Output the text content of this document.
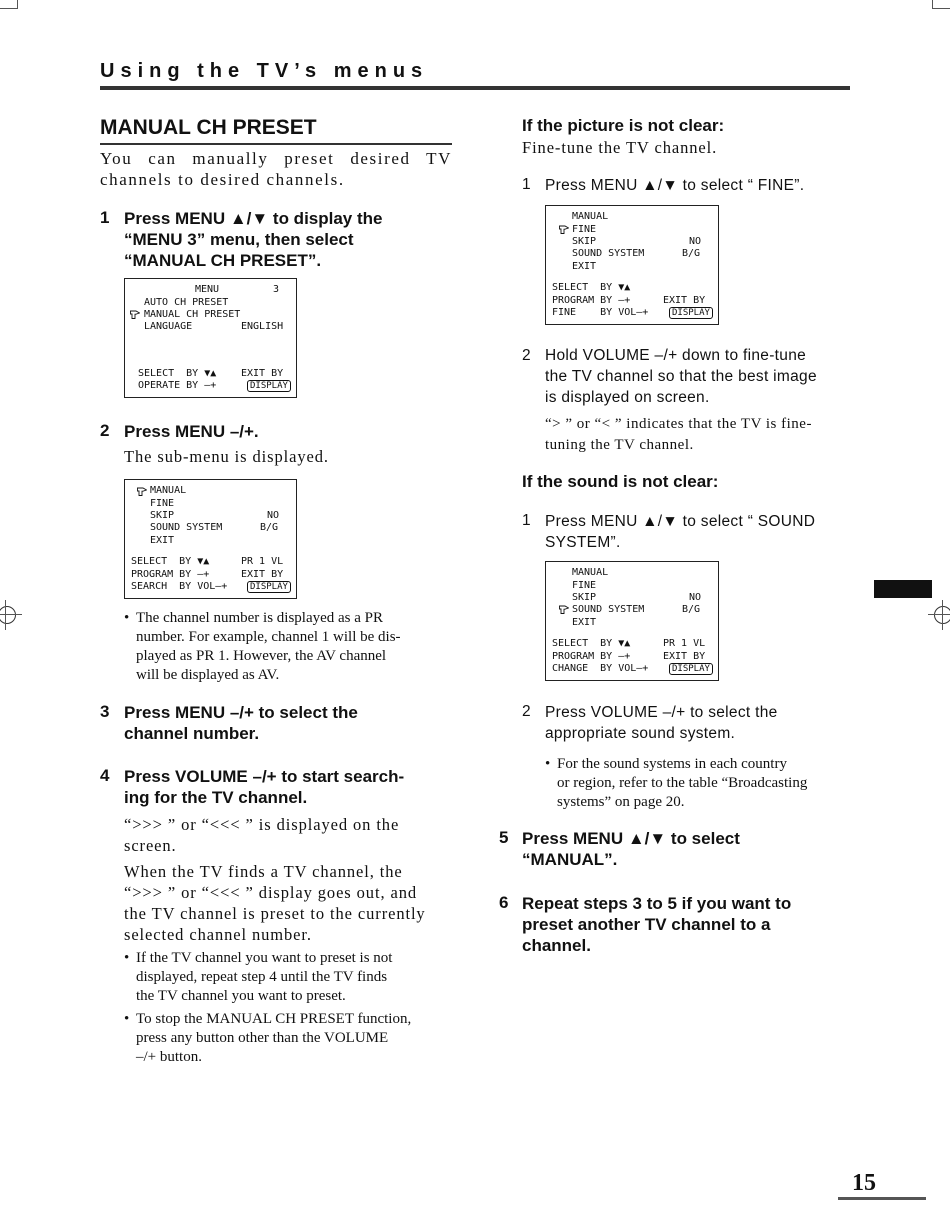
Using the TV’s menus
MANUAL CH PRESET
You can manually preset desired TV channels to desired channels.
1 Press MENU ▲/▼ to display the
“MENU 3” menu, then select
“MANUAL CH PRESET”.
MENU	3
AUTO CH PRESET
MANUAL CH PRESET
LANGUAGE	ENGLISH
SELECT  BY ▼▲ EXIT BY
OPERATE BY –+	DISPLAY
2 Press MENU –/+.
The sub-menu is displayed.
MANUAL
FINE
SKIP	NO
SOUND SYSTEM	B/G
EXIT
SELECT  BY ▼▲	PR 1 VL
PROGRAM BY –+	EXIT BY
SEARCH  BY VOL–+	DISPLAY
• The channel number is displayed as a PR
number. For example, channel 1 will be dis-
played as PR 1. However, the AV channel
will be displayed as AV.
3 Press MENU –/+ to select the
channel number.
4 Press VOLUME –/+ to start search-
ing for the TV channel.
“>>> ” or “<<< ” is displayed on the
screen.
When the TV finds a TV channel, the
“>>> ” or “<<< ” display goes out, and
the TV channel is preset to the currently
selected channel number.
• If the TV channel you want to preset is not
displayed, repeat step 4 until the TV finds
the TV channel you want to preset.
• To stop the MANUAL CH PRESET function,
press any button other than the VOLUME
–/+ button.
If the picture is not clear:
Fine-tune the TV channel.
1 Press MENU ▲/▼ to select “ FINE”.
MANUAL
FINE
SKIP	NO
SOUND SYSTEM	B/G
EXIT
SELECT  BY ▼▲
PROGRAM BY –+	EXIT BY
FINE    BY VOL–+	DISPLAY
2 Hold VOLUME –/+ down to fine-tune
the TV channel so that the best image
is displayed on screen.
“> ” or “< ” indicates that the TV is fine-
tuning the TV channel.
If the sound is not clear:
1 Press MENU ▲/▼ to select “ SOUND
SYSTEM”.
MANUAL
FINE
SKIP	NO
SOUND SYSTEM	B/G
EXIT
SELECT  BY ▼▲	PR 1 VL
PROGRAM BY –+	EXIT BY
CHANGE  BY VOL–+	DISPLAY
2 Press VOLUME –/+ to select the
appropriate sound system.
• For the sound systems in each country
or region, refer to the table “Broadcasting
systems” on page 20.
5 Press MENU ▲/▼ to select
“MANUAL”.
6 Repeat steps 3 to 5 if you want to
preset another TV channel to a
channel.
15
